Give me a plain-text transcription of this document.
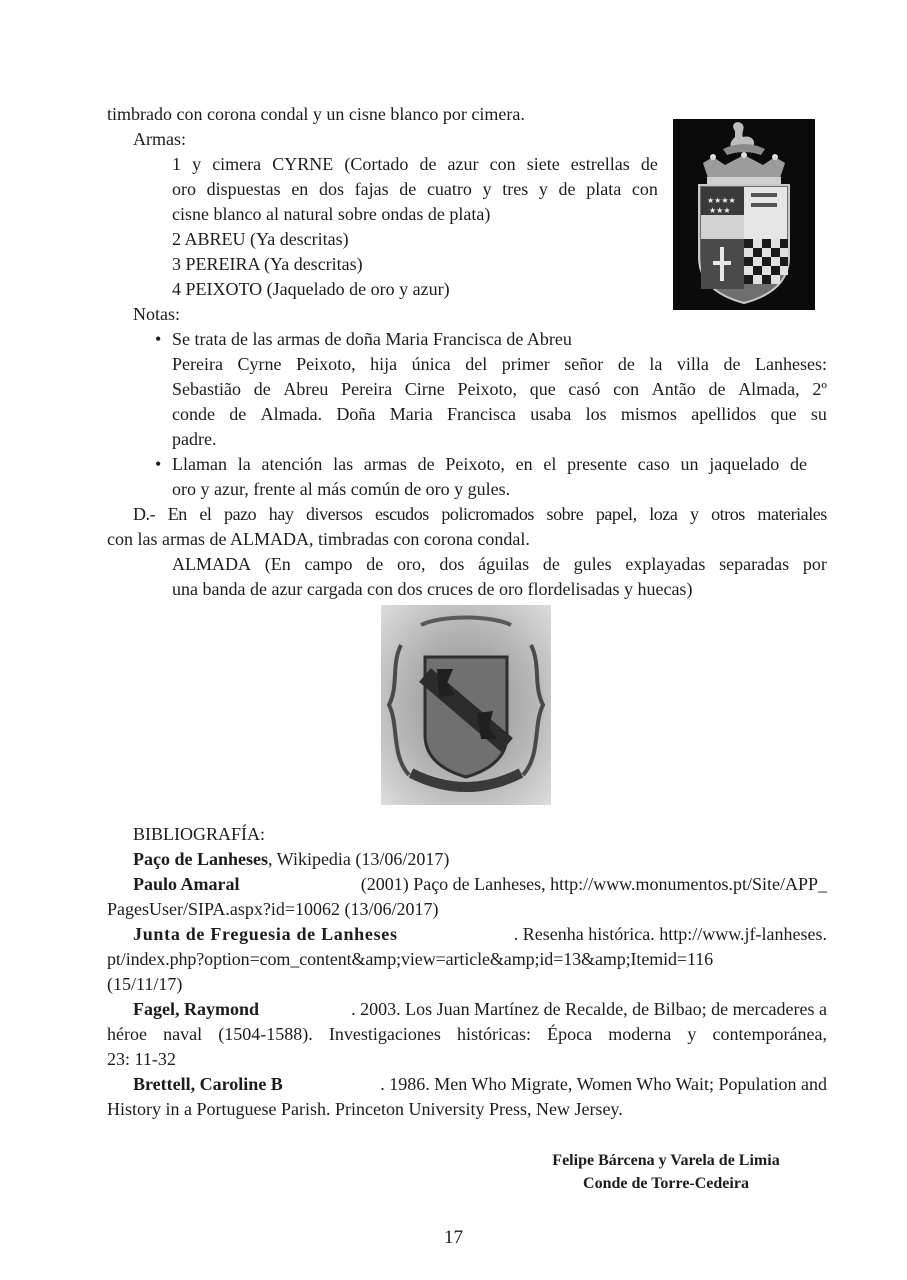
timbrado con corona condal y un cisne blanco por cimera.
Armas:
1 y cimera CYRNE (Cortado de azur con siete estrellas de
oro dispuestas en dos fajas de cuatro y tres y de plata con
cisne blanco al natural sobre ondas de plata)
2 ABREU (Ya descritas)
3 PEREIRA (Ya descritas)
4 PEIXOTO (Jaquelado de oro y azur)
★★★★
★★★
Notas:
• Se trata de las armas de doña Maria Francisca de Abreu
Pereira Cyrne Peixoto, hija única del primer señor de la villa de Lanheses:
Sebastião de Abreu Pereira Cirne Peixoto, que casó con Antão de Almada, 2º
conde de Almada. Doña Maria Francisca usaba los mismos apellidos que su
padre.
• Llaman la atención las armas de Peixoto, en el presente caso un jaquelado de
oro y azur, frente al más común de oro y gules.
D.- En el pazo hay diversos escudos policromados sobre papel, loza y otros materiales
con las armas de ALMADA, timbradas con corona condal.
ALMADA (En campo de oro, dos águilas de gules explayadas separadas por
una banda de azur cargada con dos cruces de oro flordelisadas y huecas)
BIBLIOGRAFÍA:
Paço de Lanheses, Wikipedia (13/06/2017)
Paulo Amaral	(2001) Paço de Lanheses, http://www.monumentos.pt/Site/APP_
PagesUser/SIPA.aspx?id=10062 (13/06/2017)
Junta de Freguesia de Lanheses	. Resenha histórica. http://www.jf-lanheses.
pt/index.php?option=com_content&amp;view=article&amp;id=13&amp;Itemid=116
(15/11/17)
Fagel, Raymond	. 2003. Los Juan Martínez de Recalde, de Bilbao; de mercaderes a
héroe naval (1504-1588). Investigaciones históricas: Época moderna y contemporánea,
23: 11-32
Brettell, Caroline B	. 1986. Men Who Migrate, Women Who Wait; Population and
History in a Portuguese Parish. Princeton University Press, New Jersey.
Felipe Bárcena y Varela de Limia
Conde de Torre-Cedeira
17
